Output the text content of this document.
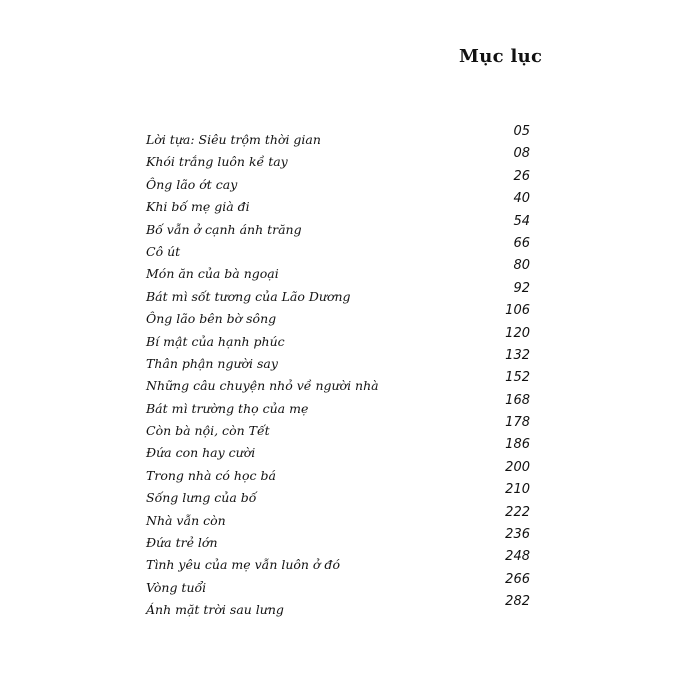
Mục lục
Lời tựa: Siêu trộm thời gian
05
Khói trắng luôn kề tay
08
Ông lão ớt cay
26
Khi bố mẹ già đi
40
Bố vẫn ở cạnh ánh trăng
54
Cô út
66
Món ăn của bà ngoại
80
Bát mì sốt tương của Lão Dương
92
Ông lão bên bờ sông
106
Bí mật của hạnh phúc
120
Thân phận người say
132
Những câu chuyện nhỏ về người nhà
152
Bát mì trường thọ của mẹ
168
Còn bà nội, còn Tết
178
Đứa con hay cười
186
Trong nhà có học bá
200
Sống lưng của bố
210
Nhà vẫn còn
222
Đứa trẻ lớn
236
Tình yêu của mẹ vẫn luôn ở đó
248
Vòng tuổi
266
Ánh mặt trời sau lưng
282
